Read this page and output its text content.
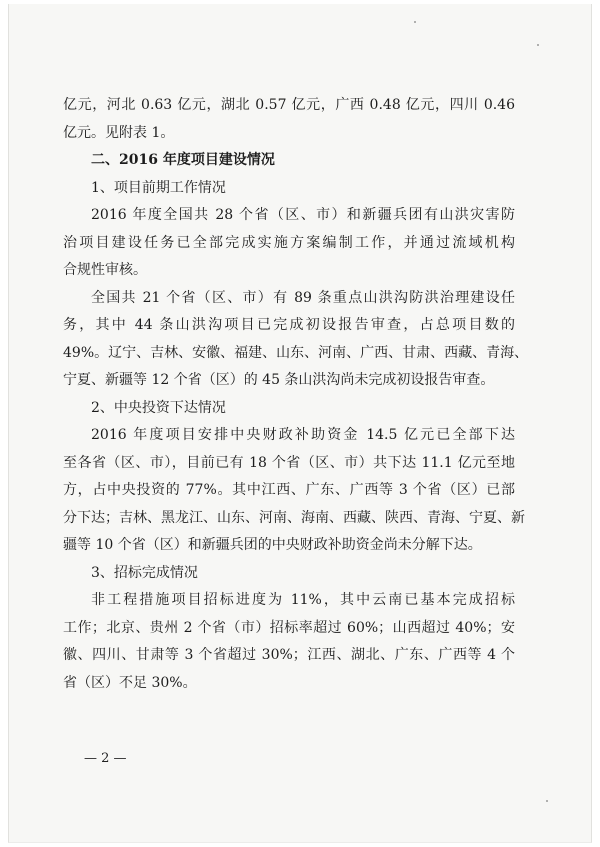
亿元，河北 0.63 亿元，湖北 0.57 亿元，广西 0.48 亿元，四川 0.46
亿元。见附表 1。
二、2016 年度项目建设情况
1、项目前期工作情况
2016 年度全国共 28 个省（区、市）和新疆兵团有山洪灾害防
治项目建设任务已全部完成实施方案编制工作，并通过流域机构
合规性审核。
全国共 21 个省（区、市）有 89 条重点山洪沟防洪治理建设任
务，其中 44 条山洪沟项目已完成初设报告审查，占总项目数的
49%。辽宁、吉林、安徽、福建、山东、河南、广西、甘肃、西藏、青海、
宁夏、新疆等 12 个省（区）的 45 条山洪沟尚未完成初设报告审查。
2、中央投资下达情况
2016 年度项目安排中央财政补助资金 14.5 亿元已全部下达
至各省（区、市），目前已有 18 个省（区、市）共下达 11.1 亿元至地
方，占中央投资的 77%。其中江西、广东、广西等 3 个省（区）已部
分下达；吉林、黑龙江、山东、河南、海南、西藏、陕西、青海、宁夏、新
疆等 10 个省（区）和新疆兵团的中央财政补助资金尚未分解下达。
3、招标完成情况
非工程措施项目招标进度为 11%，其中云南已基本完成招标
工作；北京、贵州 2 个省（市）招标率超过 60%；山西超过 40%；安
徽、四川、甘肃等 3 个省超过 30%；江西、湖北、广东、广西等 4 个
省（区）不足 30%。
— 2 —
